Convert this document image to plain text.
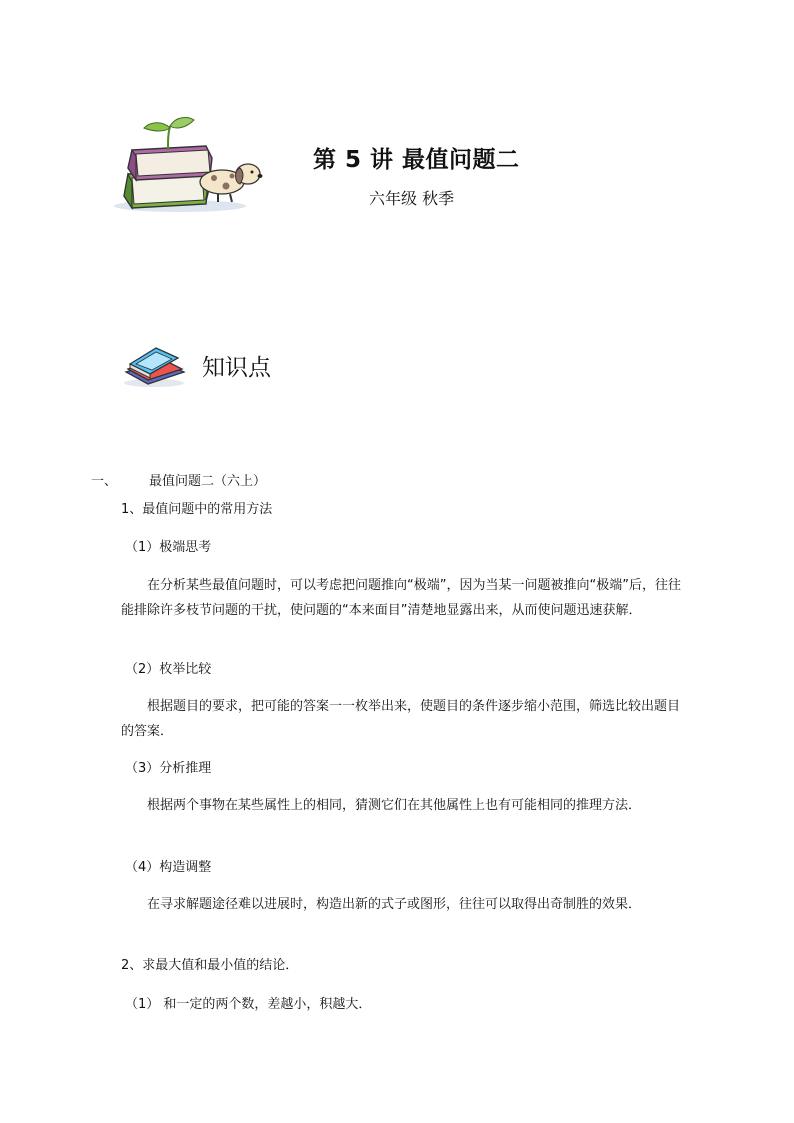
第 5 讲 最值问题二
六年级 秋季
知识点
一、 最值问题二（六上）
1、最值问题中的常用方法
（1）极端思考
在分析某些最值问题时，可以考虑把问题推向“极端”，因为当某一问题被推向“极端”后，往往能排除许多枝节问题的干扰，使问题的“本来面目”清楚地显露出来，从而使问题迅速获解．
（2）枚举比较
根据题目的要求，把可能的答案一一枚举出来，使题目的条件逐步缩小范围，筛选比较出题目的答案．
（3）分析推理
根据两个事物在某些属性上的相同，猜测它们在其他属性上也有可能相同的推理方法．
（4）构造调整
在寻求解题途径难以进展时，构造出新的式子或图形，往往可以取得出奇制胜的效果．
2、求最大值和最小值的结论．
（1） 和一定的两个数，差越小，积越大．
